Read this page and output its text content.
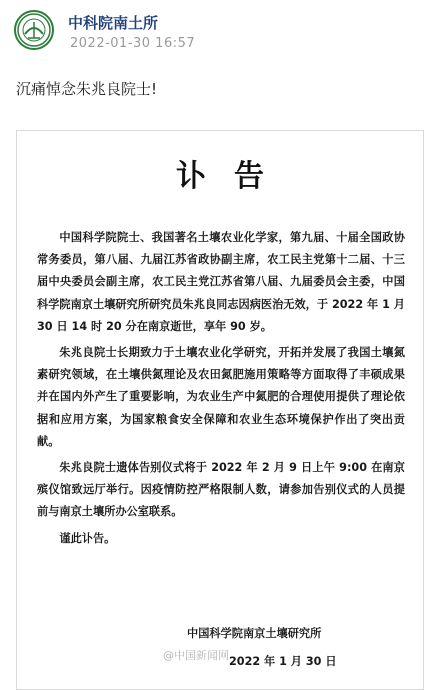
中科院南土所
2022-01-30 16:57
沉痛悼念朱兆良院士!
讣告

中国科学院院士、我国著名土壤农业化学家，第九届、十届全国政协常务委员，第八届、九届江苏省政协副主席，农工民主党第十二届、十三届中央委员会副主席，农工民主党江苏省第八届、九届委员会主委，中国科学院南京土壤研究所研究员朱兆良同志因病医治无效，于 2022 年 1 月 30 日 14 时 20 分在南京逝世，享年 90 岁。

朱兆良院士长期致力于土壤农业化学研究，开拓并发展了我国土壤氮素研究领域，在土壤供氮理论及农田氮肥施用策略等方面取得了丰硕成果并在国内外产生了重要影响，为农业生产中氮肥的合理使用提供了理论依据和应用方案，为国家粮食安全保障和农业生态环境保护作出了突出贡献。

朱兆良院士遗体告别仪式将于 2022 年 2 月 9 日上午 9:00 在南京殡仪馆致远厅举行。因疫情防控严格限制人数，请参加告别仪式的人员提前与南京土壤所办公室联系。

谨此讣告。

中国科学院南京土壤研究所
@中国新闻网 2022 年 1 月 30 日
